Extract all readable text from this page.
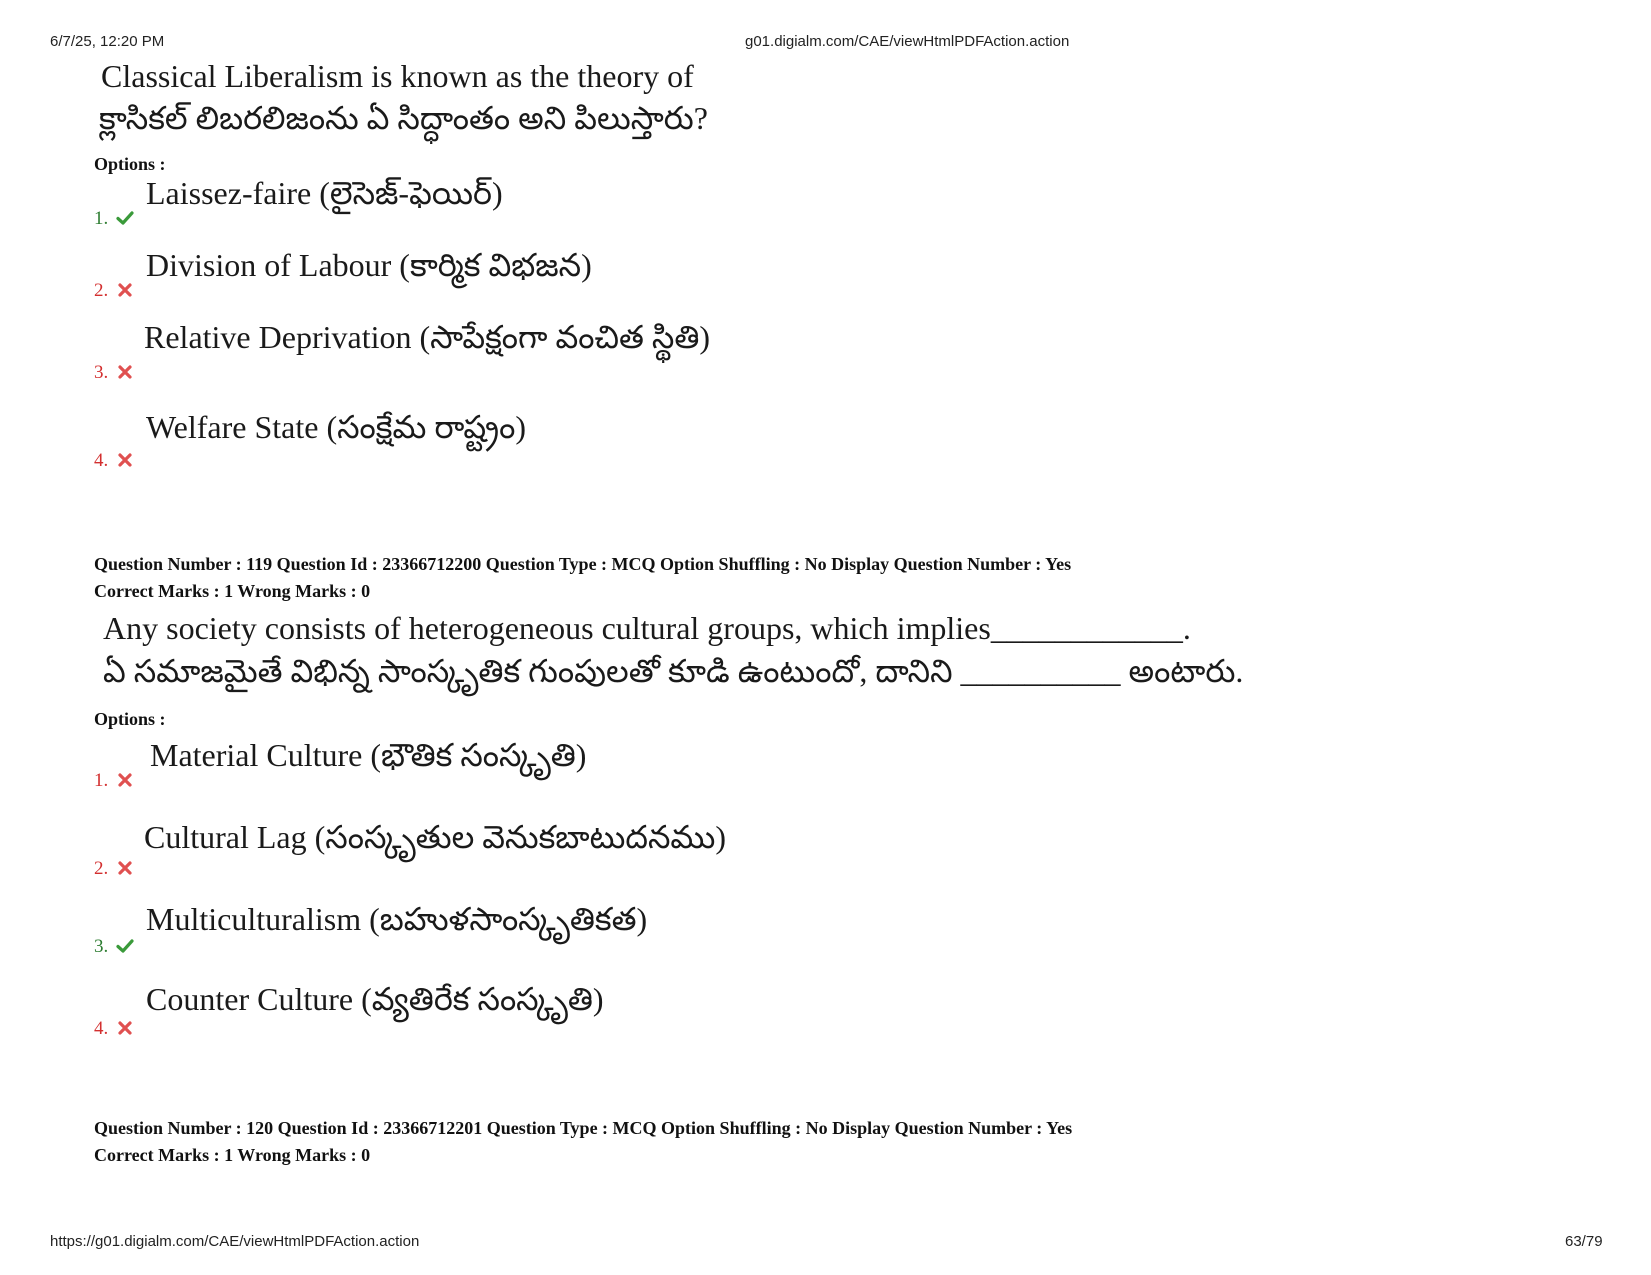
6/7/25, 12:20 PM	g01.digialm.com/CAE/viewHtmlPDFAction.action
https://g01.digialm.com/CAE/viewHtmlPDFAction.action	63/79
Classical Liberalism is known as the theory of
క్లాసికల్ లిబరలిజంను ఏ సిద్ధాంతం అని పిలుస్తారు?
Options :
1.
Laissez-faire (లైసెజ్-ఫెయిర్)
2.
Division of Labour (కార్మిక విభజన)
3.
Relative Deprivation (సాపేక్షంగా వంచిత స్థితి)
4.
Welfare State (సంక్షేమ రాష్ట్రం)
Question Number : 119 Question Id : 23366712200 Question Type : MCQ Option Shuffling : No Display Question Number : Yes
Correct Marks : 1 Wrong Marks : 0
Any society consists of heterogeneous cultural groups, which implies____________.
ఏ సమాజమైతే విభిన్న సాంస్కృతిక గుంపులతో కూడి ఉంటుందో, దానిని __________ అంటారు.
Options :
1.
Material Culture (భౌతిక సంస్కృతి)
2.
Cultural Lag (సంస్కృతుల వెనుకబాటుదనము)
3.
Multiculturalism (బహుళసాంస్కృతికత)
4.
Counter Culture (వ్యతిరేక సంస్కృతి)
Question Number : 120 Question Id : 23366712201 Question Type : MCQ Option Shuffling : No Display Question Number : Yes
Correct Marks : 1 Wrong Marks : 0
